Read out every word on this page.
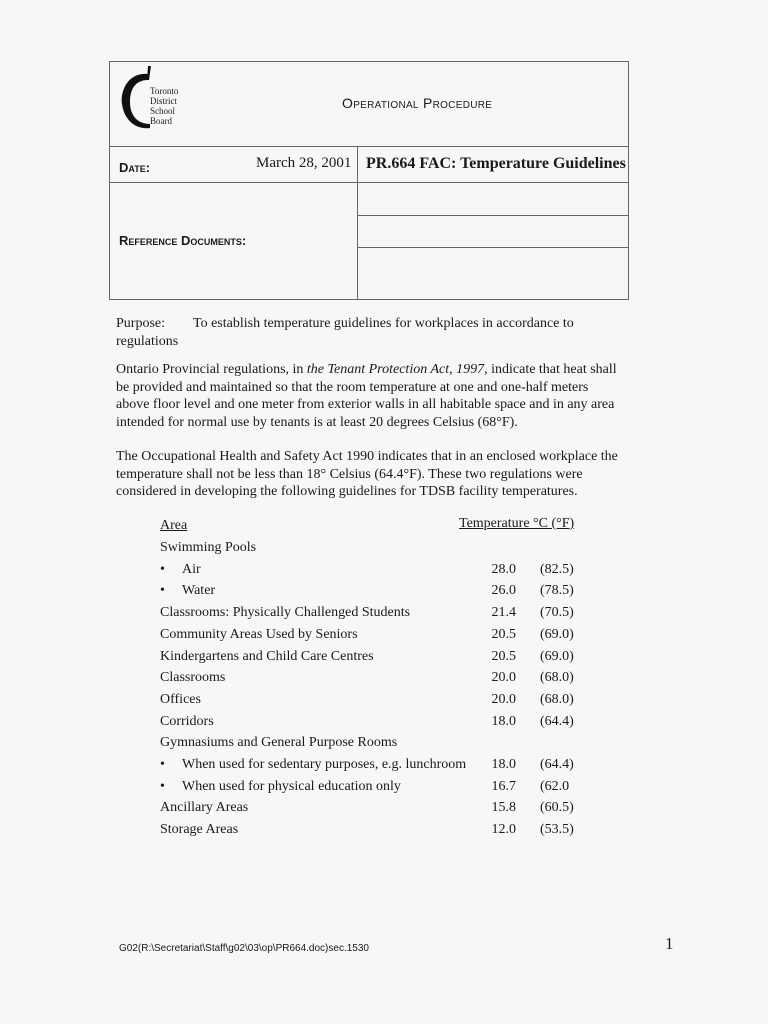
Toronto
District
School
Board
Operational Procedure
Date:	March 28, 2001 PR.664 FAC: Temperature Guidelines
Reference Documents:

Purpose: To establish temperature guidelines for workplaces in accordance to
regulations

Ontario Provincial regulations, in the Tenant Protection Act, 1997, indicate that heat shall
be provided and maintained so that the room temperature at one and one-half meters
above floor level and one meter from exterior walls in all habitable space and in any area
intended for normal use by tenants is at least 20 degrees Celsius (68°F).

The Occupational Health and Safety Act 1990 indicates that in an enclosed workplace the
temperature shall not be less than 18° Celsius (64.4°F). These two regulations were
considered in developing the following guidelines for TDSB facility temperatures.

Area	Temperature °C (°F)
Swimming Pools
• Air	28.0 (82.5)
• Water	26.0 (78.5)
Classrooms: Physically Challenged Students	21.4 (70.5)
Community Areas Used by Seniors	20.5 (69.0)
Kindergartens and Child Care Centres	20.5 (69.0)
Classrooms	20.0 (68.0)
Offices	20.0 (68.0)
Corridors	18.0 (64.4)
Gymnasiums and General Purpose Rooms
• When used for sedentary purposes, e.g. lunchroom	18.0 (64.4)
• When used for physical education only	16.7 (62.0
Ancillary Areas	15.8 (60.5)
Storage Areas	12.0 (53.5)
G02(R:\Secretariat\Staff\g02\03\op\PR664.doc)sec.1530	1
